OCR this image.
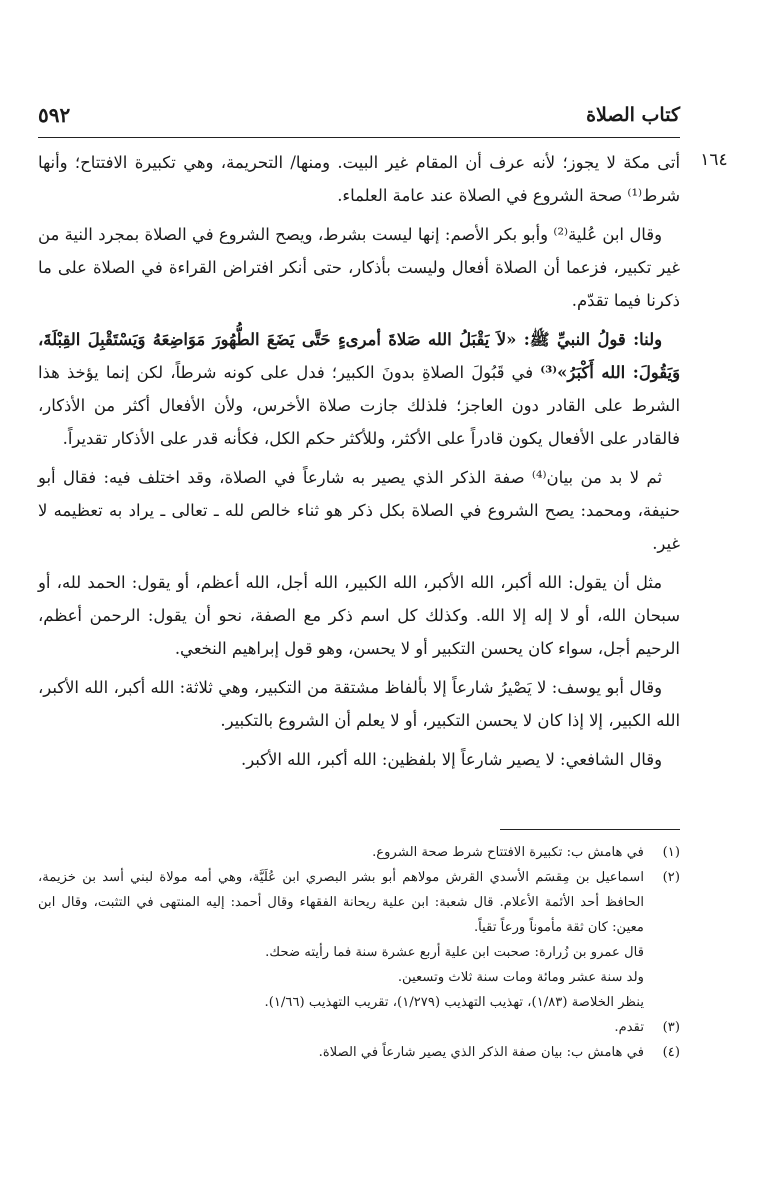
كتاب الصلاة
٥٩٢
١٦٤

أتى مكة لا يجوز؛ لأنه عرف أن المقام غير البيت. ومنها/ التحريمة، وهي تكبيرة الافتتاح؛ وأنها شرط⁽¹⁾ صحة الشروع في الصلاة عند عامة العلماء.

وقال ابن عُلية⁽²⁾ وأبو بكر الأصم: إنها ليست بشرط، ويصح الشروع في الصلاة بمجرد النية من غير تكبير، فزعما أن الصلاة أفعال وليست بأذكار، حتى أنكر افتراض القراءة في الصلاة على ما ذكرنا فيما تقدّم.

ولنا: قولُ النبيِّ ﷺ: «لاَ يَقْبَلُ الله صَلاةَ أمرىءٍ حَتَّى يَضَعَ الطُّهُورَ مَوَاضِعَهُ وَيَسْتَقْبِلَ القِبْلَةَ، وَيَقُولَ: الله أَكْبَرُ»⁽³⁾ في قَبُولَ الصلاةِ بدونَ الكبير؛ فدل على كونه شرطاً، لكن إنما يؤخذ هذا الشرط على القادر دون العاجز؛ فلذلك جازت صلاة الأخرس، ولأن الأفعال أكثر من الأذكار، فالقادر على الأفعال يكون قادراً على الأكثر، وللأكثر حكم الكل، فكأنه قدر على الأذكار تقديراً.

ثم لا بد من بيان⁽⁴⁾ صفة الذكر الذي يصير به شارعاً في الصلاة، وقد اختلف فيه: فقال أبو حنيفة، ومحمد: يصح الشروع في الصلاة بكل ذكر هو ثناء خالص لله ـ تعالى ـ يراد به تعظيمه لا غير.

مثل أن يقول: الله أكبر، الله الأكبر، الله الكبير، الله أجل، الله أعظم، أو يقول: الحمد لله، أو سبحان الله، أو لا إله إلا الله. وكذلك كل اسم ذكر مع الصفة، نحو أن يقول: الرحمن أعظم، الرحيم أجل، سواء كان يحسن التكبير أو لا يحسن، وهو قول إبراهيم النخعي.

وقال أبو يوسف: لا يَصْيرُ شارعاً إلا بألفاظ مشتقة من التكبير، وهي ثلاثة: الله أكبر، الله الأكبر، الله الكبير، إلا إذا كان لا يحسن التكبير، أو لا يعلم أن الشروع بالتكبير.

وقال الشافعي: لا يصير شارعاً إلا بلفظين: الله أكبر، الله الأكبر.

(١)
في هامش ب: تكبيرة الافتتاح شرط صحة الشروع.
(٢)
اسماعيل بن مِقسَم الأسدي القرش مولاهم أبو بشر البصري ابن عُلَيَّة، وهي أمه مولاة لبني أسد بن خزيمة، الحافظ أحد الأئمة الأعلام. قال شعبة: ابن علية ريحانة الفقهاء وقال أحمد: إليه المنتهى في التثبت، وقال ابن معين: كان ثقة مأموناً ورعاً تقياً.
قال عمرو بن زُرارة: صحبت ابن علية أربع عشرة سنة فما رأيته ضحك.
ولد سنة عشر ومائة ومات سنة ثلاث وتسعين.
ينظر الخلاصة (١/٨٣)، تهذيب التهذيب (١/٢٧٩)، تقريب التهذيب (١/٦٦).
(٣)
تقدم.
(٤)
في هامش ب: بيان صفة الذكر الذي يصير شارعاً في الصلاة.
